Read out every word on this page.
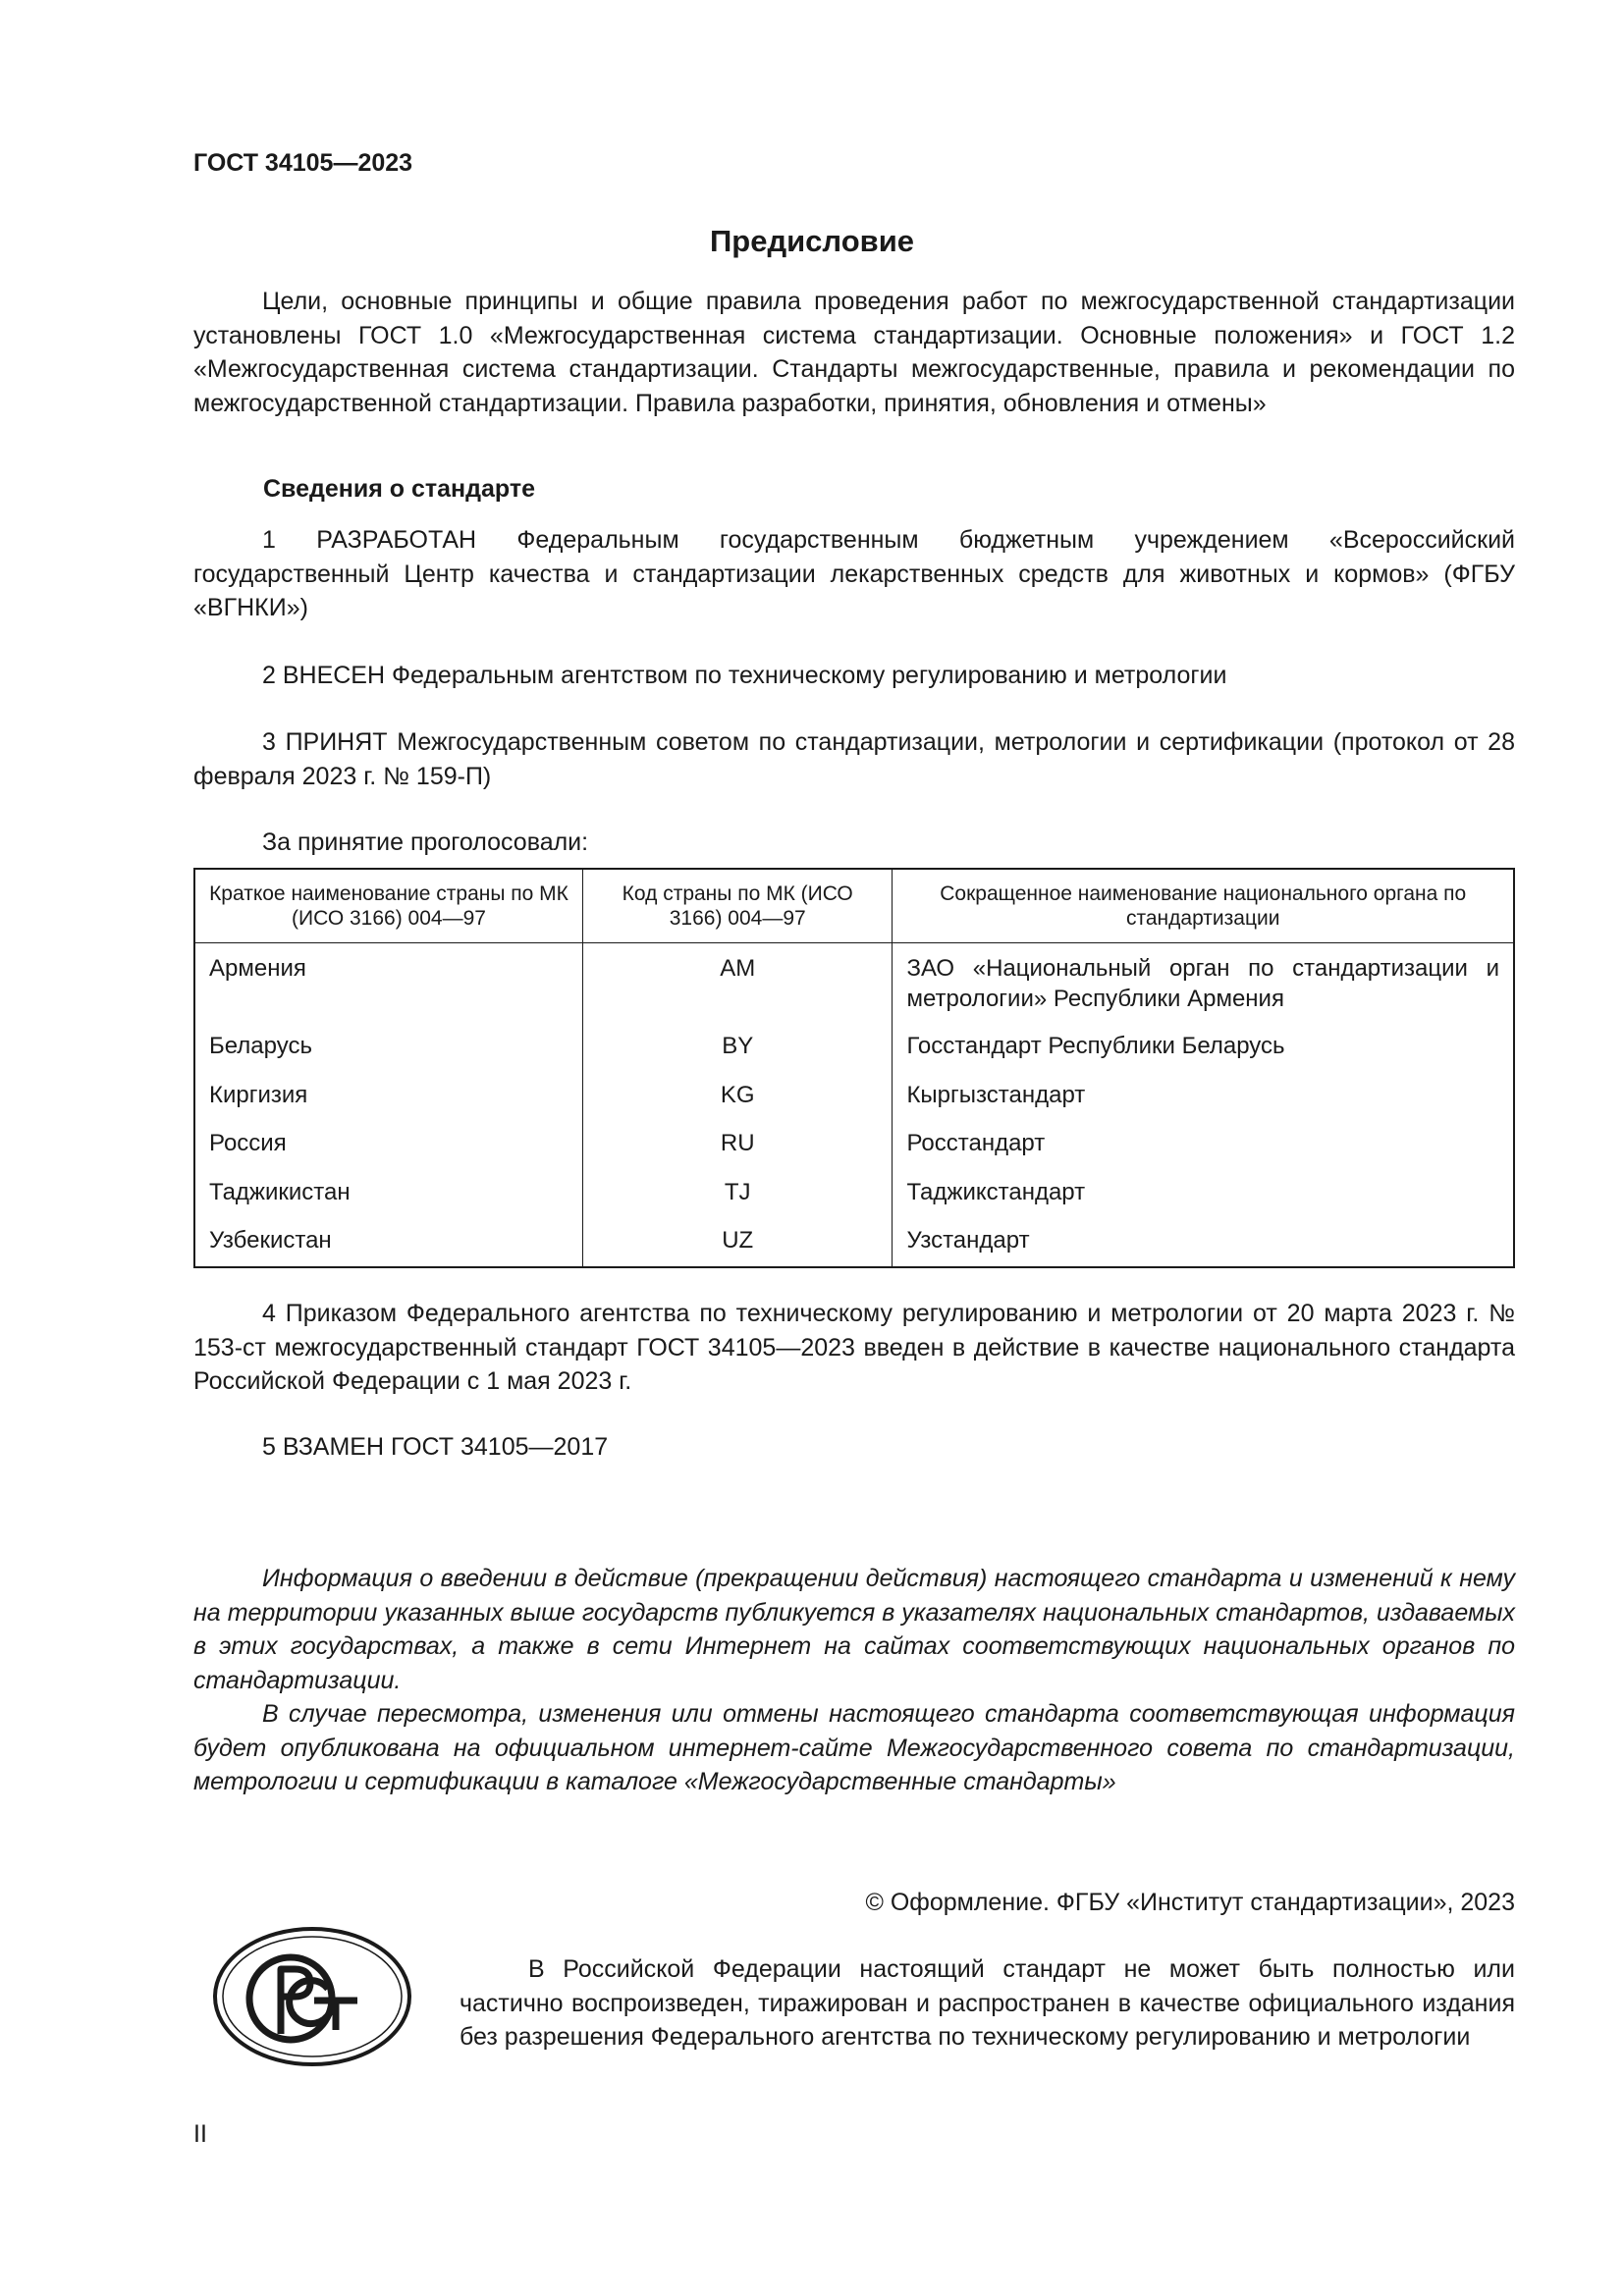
ГОСТ 34105—2023
Предисловие

Цели, основные принципы и общие правила проведения работ по межгосударственной стандартизации установлены ГОСТ 1.0 «Межгосударственная система стандартизации. Основные положения» и ГОСТ 1.2 «Межгосударственная система стандартизации. Стандарты межгосударственные, правила и рекомендации по межгосударственной стандартизации. Правила разработки, принятия, обновления и отмены»

Сведения о стандарте

1 РАЗРАБОТАН Федеральным государственным бюджетным учреждением «Всероссийский государственный Центр качества и стандартизации лекарственных средств для животных и кормов» (ФГБУ «ВГНКИ»)

2 ВНЕСЕН Федеральным агентством по техническому регулированию и метрологии

3 ПРИНЯТ Межгосударственным советом по стандартизации, метрологии и сертификации (протокол от 28 февраля 2023 г. № 159-П)

За принятие проголосовали:

Краткое наименование страны по МК (ИСО 3166) 004—97	Код страны по МК (ИСО 3166) 004—97	Сокращенное наименование национального органа по стандартизации
Армения	AM	ЗАО «Национальный орган по стандартизации и метрологии» Республики Армения
Беларусь	BY	Госстандарт Республики Беларусь
Киргизия	KG	Кыргызстандарт
Россия	RU	Росстандарт
Таджикистан	TJ	Таджикстандарт
Узбекистан	UZ	Узстандарт

4 Приказом Федерального агентства по техническому регулированию и метрологии от 20 марта 2023 г. № 153-ст межгосударственный стандарт ГОСТ 34105—2023 введен в действие в качестве национального стандарта Российской Федерации с 1 мая 2023 г.

5 ВЗАМЕН ГОСТ 34105—2017

Информация о введении в действие (прекращении действия) настоящего стандарта и изменений к нему на территории указанных выше государств публикуется в указателях национальных стандартов, издаваемых в этих государствах, а также в сети Интернет на сайтах соответствующих национальных органов по стандартизации.

В случае пересмотра, изменения или отмены настоящего стандарта соответствующая информация будет опубликована на официальном интернет-сайте Межгосударственного совета по стандартизации, метрологии и сертификации в каталоге «Межгосударственные стандарты»

© Оформление. ФГБУ «Институт стандартизации», 2023

В Российской Федерации настоящий стандарт не может быть полностью или частично воспроизведен, тиражирован и распространен в качестве официального издания без разрешения Федерального агентства по техническому регулированию и метрологии

II
